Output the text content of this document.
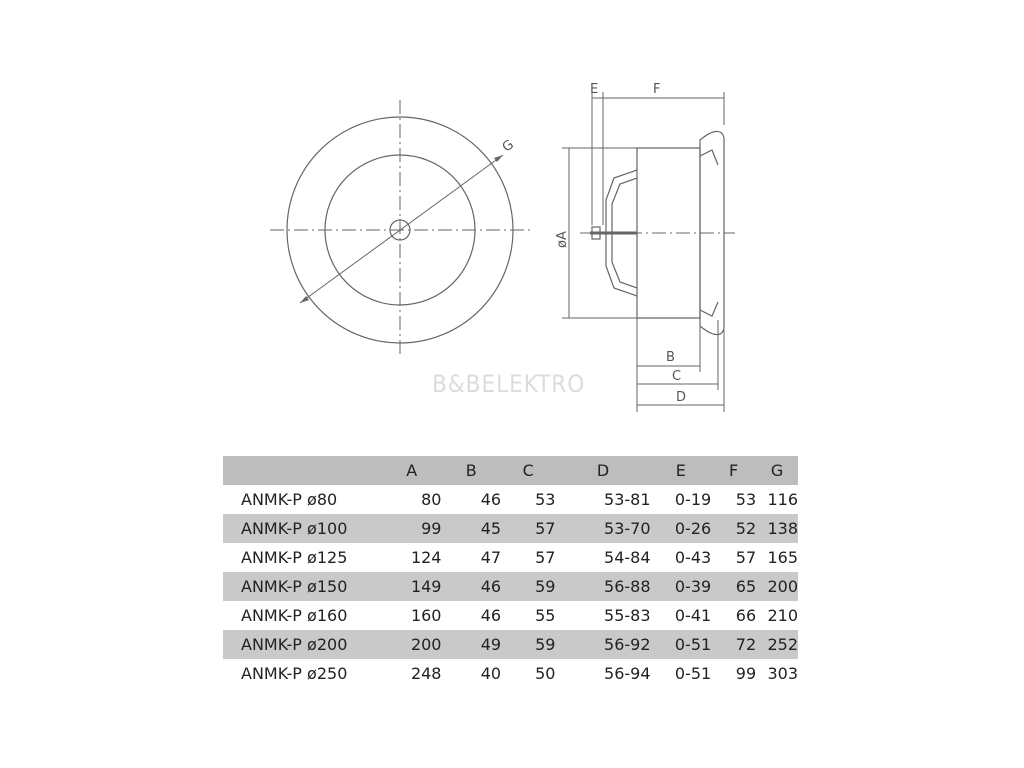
G
E	F
øA
B
C
D
B&BELEKTRO
	A	B	C	D	E	F	G
ANMK-P ø80	80	46	53	53-81	0-19	53	116
ANMK-P ø100	99	45	57	53-70	0-26	52	138
ANMK-P ø125	124	47	57	54-84	0-43	57	165
ANMK-P ø150	149	46	59	56-88	0-39	65	200
ANMK-P ø160	160	46	55	55-83	0-41	66	210
ANMK-P ø200	200	49	59	56-92	0-51	72	252
ANMK-P ø250	248	40	50	56-94	0-51	99	303
